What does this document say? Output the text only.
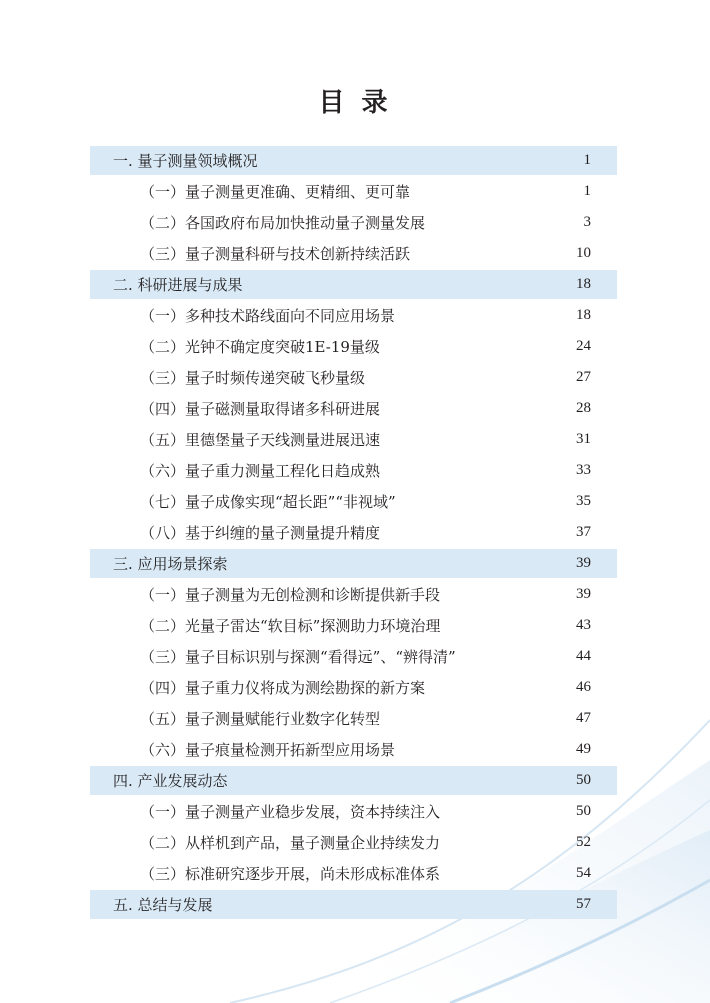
目 录
一. 量子测量领域概况	1
（一）量子测量更准确、更精细、更可靠	1
（二）各国政府布局加快推动量子测量发展	3
（三）量子测量科研与技术创新持续活跃	10
二. 科研进展与成果	18
（一）多种技术路线面向不同应用场景	18
（二）光钟不确定度突破1E-19量级	24
（三）量子时频传递突破飞秒量级	27
（四）量子磁测量取得诸多科研进展	28
（五）里德堡量子天线测量进展迅速	31
（六）量子重力测量工程化日趋成熟	33
（七）量子成像实现“超长距”“非视域”	35
（八）基于纠缠的量子测量提升精度	37
三. 应用场景探索	39
（一）量子测量为无创检测和诊断提供新手段	39
（二）光量子雷达“软目标”探测助力环境治理	43
（三）量子目标识别与探测“看得远”、“辨得清”	44
（四）量子重力仪将成为测绘勘探的新方案	46
（五）量子测量赋能行业数字化转型	47
（六）量子痕量检测开拓新型应用场景	49
四. 产业发展动态	50
（一）量子测量产业稳步发展，资本持续注入	50
（二）从样机到产品，量子测量企业持续发力	52
（三）标准研究逐步开展，尚未形成标准体系	54
五. 总结与发展	57
